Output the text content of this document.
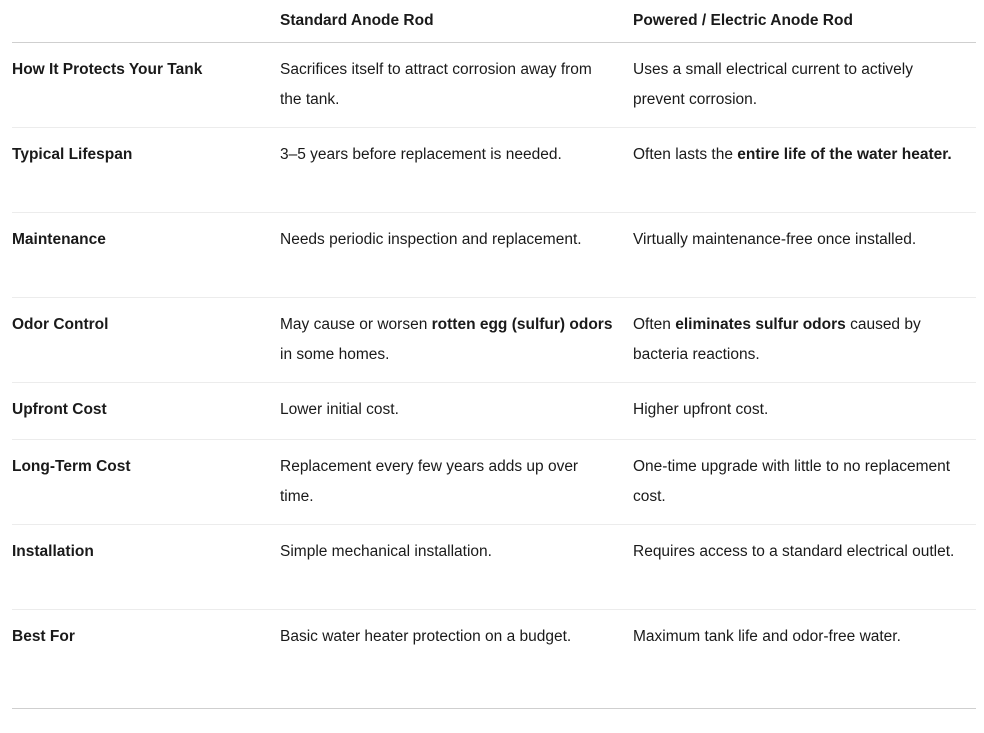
	Standard Anode Rod	Powered / Electric Anode Rod
How It Protects Your Tank	Sacrifices itself to attract corrosion away from the tank.	Uses a small electrical current to actively prevent corrosion.
Typical Lifespan	3–5 years before replacement is needed.	Often lasts the entire life of the water heater.
Maintenance	Needs periodic inspection and replacement.	Virtually maintenance-free once installed.
Odor Control	May cause or worsen rotten egg (sulfur) odors in some homes.	Often eliminates sulfur odors caused by bacteria reactions.
Upfront Cost	Lower initial cost.	Higher upfront cost.
Long-Term Cost	Replacement every few years adds up over time.	One-time upgrade with little to no replacement cost.
Installation	Simple mechanical installation.	Requires access to a standard electrical outlet.
Best For	Basic water heater protection on a budget.	Maximum tank life and odor-free water.
